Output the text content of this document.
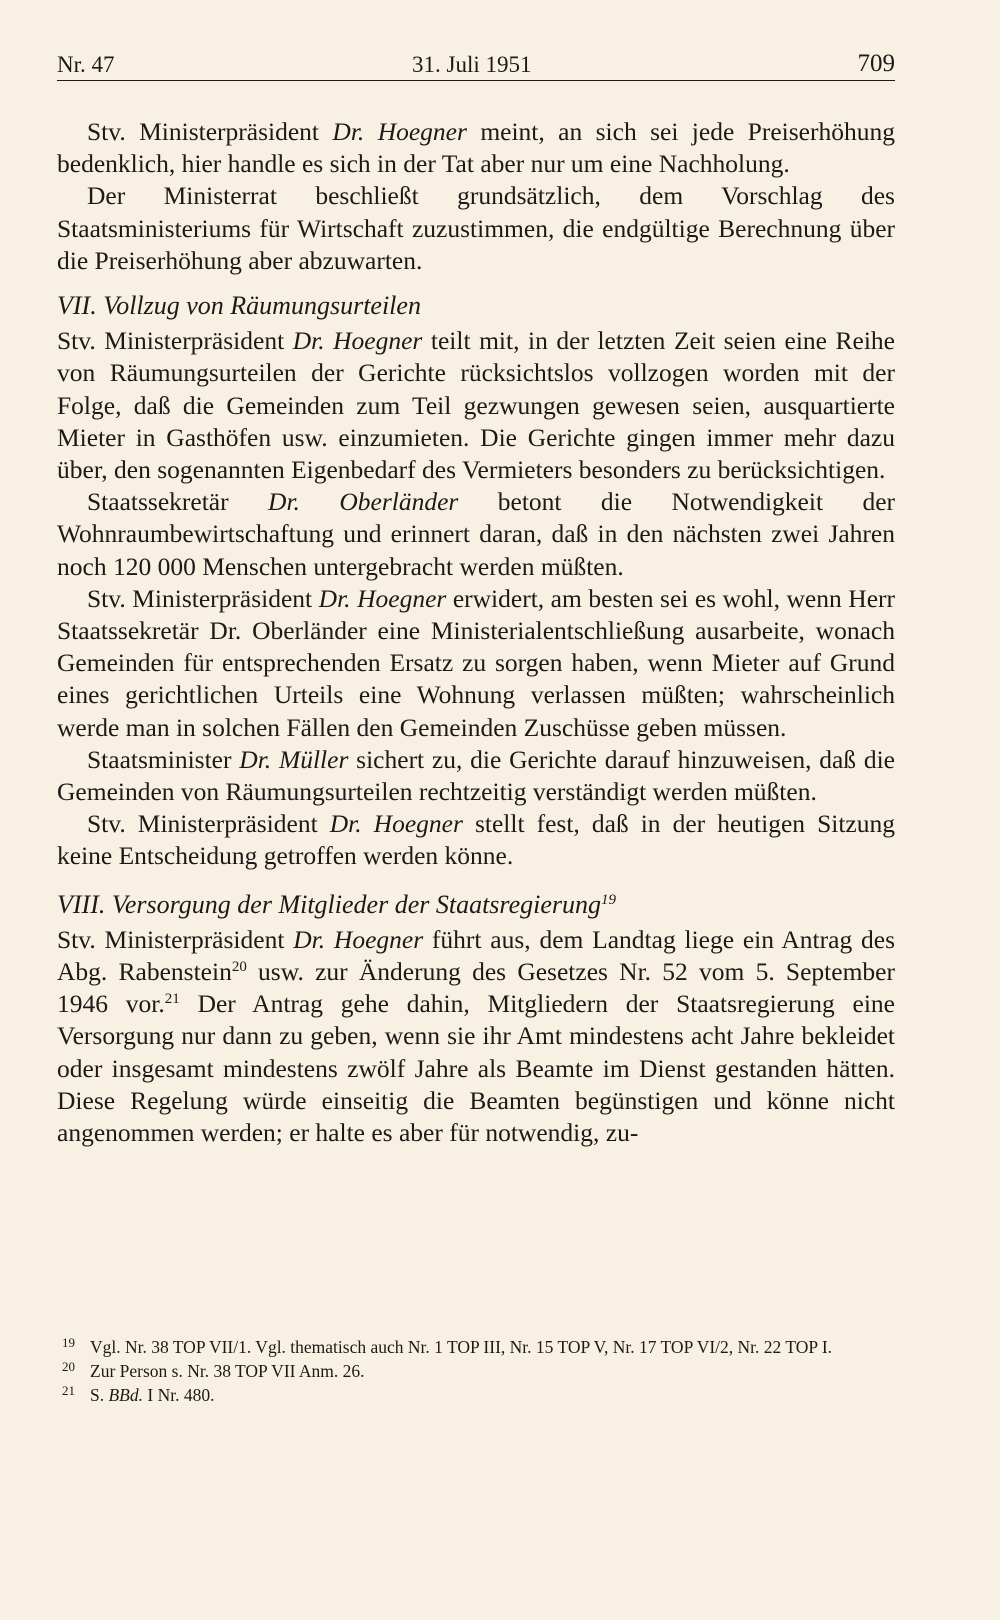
Nr. 47	31. Juli 1951	709

Stv. Ministerpräsident Dr. Hoegner meint, an sich sei jede Preiserhöhung bedenklich, hier handle es sich in der Tat aber nur um eine Nachholung.

Der Ministerrat beschließt grundsätzlich, dem Vorschlag des Staatsministeriums für Wirtschaft zuzustimmen, die endgültige Berechnung über die Preiserhöhung aber abzuwarten.

VII. Vollzug von Räumungsurteilen

Stv. Ministerpräsident Dr. Hoegner teilt mit, in der letzten Zeit seien eine Reihe von Räumungsurteilen der Gerichte rücksichtslos vollzogen worden mit der Folge, daß die Gemeinden zum Teil gezwungen gewesen seien, ausquartierte Mieter in Gasthöfen usw. einzumieten. Die Gerichte gingen immer mehr dazu über, den sogenannten Eigenbedarf des Vermieters besonders zu berücksichtigen.

Staatssekretär Dr. Oberländer betont die Notwendigkeit der Wohnraumbewirtschaftung und erinnert daran, daß in den nächsten zwei Jahren noch 120 000 Menschen untergebracht werden müßten.

Stv. Ministerpräsident Dr. Hoegner erwidert, am besten sei es wohl, wenn Herr Staatssekretär Dr. Oberländer eine Ministerialentschließung ausarbeite, wonach Gemeinden für entsprechenden Ersatz zu sorgen haben, wenn Mieter auf Grund eines gerichtlichen Urteils eine Wohnung verlassen müßten; wahrscheinlich werde man in solchen Fällen den Gemeinden Zuschüsse geben müssen.

Staatsminister Dr. Müller sichert zu, die Gerichte darauf hinzuweisen, daß die Gemeinden von Räumungsurteilen rechtzeitig verständigt werden müßten.

Stv. Ministerpräsident Dr. Hoegner stellt fest, daß in der heutigen Sitzung keine Entscheidung getroffen werden könne.

VIII. Versorgung der Mitglieder der Staatsregierung$^{19}$

Stv. Ministerpräsident Dr. Hoegner führt aus, dem Landtag liege ein Antrag des Abg. Rabenstein$^{20}$ usw. zur Änderung des Gesetzes Nr. 52 vom 5. September 1946 vor.$^{21}$ Der Antrag gehe dahin, Mitgliedern der Staatsregierung eine Versorgung nur dann zu geben, wenn sie ihr Amt mindestens acht Jahre bekleidet oder insgesamt mindestens zwölf Jahre als Beamte im Dienst gestanden hätten. Diese Regelung würde einseitig die Beamten begünstigen und könne nicht angenommen werden; er halte es aber für notwendig, zu-

19 Vgl. Nr. 38 TOP VII/1. Vgl. thematisch auch Nr. 1 TOP III, Nr. 15 TOP V, Nr. 17 TOP VI/2, Nr. 22 TOP I.
20 Zur Person s. Nr. 38 TOP VII Anm. 26.
21 S. BBd. I Nr. 480.
